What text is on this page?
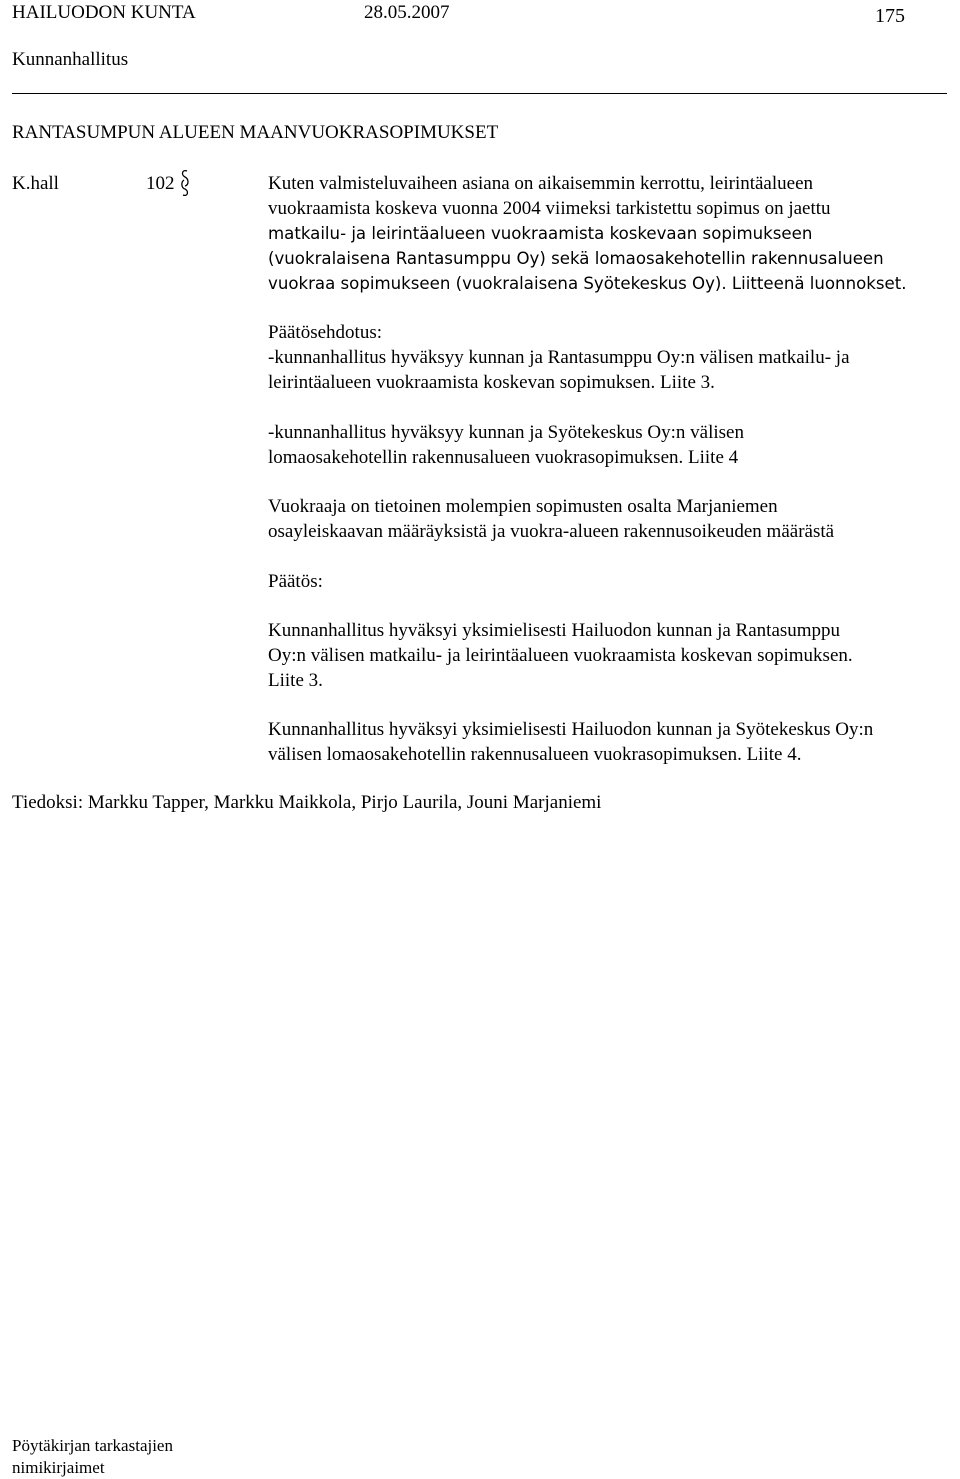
HAILUODON KUNTA	28.05.2007	175
Kunnanhallitus
RANTASUMPUN ALUEEN MAANVUOKRASOPIMUKSET
K.hall	102	Kuten valmisteluvaiheen asiana on aikaisemmin kerrottu, leirintäalueen

vuokraamista koskeva vuonna 2004 viimeksi tarkistettu sopimus on jaettu

matkailu- ja leirintäalueen vuokraamista koskevaan sopimukseen

(vuokralaisena Rantasumppu Oy) sekä lomaosakehotellin rakennusalueen

vuokraa sopimukseen (vuokralaisena Syötekeskus Oy). Liitteenä luonnokset.

Päätösehdotus:

-kunnanhallitus hyväksyy kunnan ja Rantasumppu Oy:n välisen matkailu- ja

leirintäalueen vuokraamista koskevan sopimuksen. Liite 3.

-kunnanhallitus hyväksyy kunnan ja Syötekeskus Oy:n välisen

lomaosakehotellin rakennusalueen vuokrasopimuksen. Liite 4

Vuokraaja on tietoinen molempien sopimusten osalta Marjaniemen

osayleiskaavan määräyksistä ja vuokra-alueen rakennusoikeuden määrästä

Päätös:

Kunnanhallitus hyväksyi yksimielisesti Hailuodon kunnan ja Rantasumppu

Oy:n välisen matkailu- ja leirintäalueen vuokraamista koskevan sopimuksen.

Liite 3.

Kunnanhallitus hyväksyi yksimielisesti Hailuodon kunnan ja Syötekeskus Oy:n

välisen lomaosakehotellin rakennusalueen vuokrasopimuksen. Liite 4.

Tiedoksi: Markku Tapper, Markku Maikkola, Pirjo Laurila, Jouni Marjaniemi
Pöytäkirjan tarkastajien
nimikirjaimet
